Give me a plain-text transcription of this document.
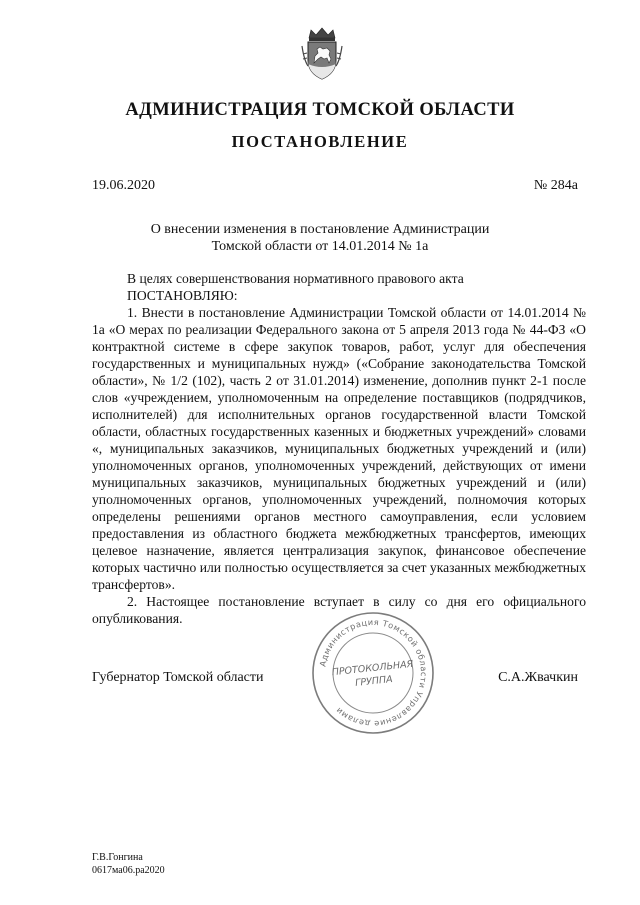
АДМИНИСТРАЦИЯ ТОМСКОЙ ОБЛАСТИ
ПОСТАНОВЛЕНИЕ
19.06.2020	№ 284а
О внесении изменения в постановление Администрации
Томской области от 14.01.2014 № 1а

В целях совершенствования нормативного правового акта

ПОСТАНОВЛЯЮ:

1. Внести в постановление Администрации Томской области от 14.01.2014 № 1а «О мерах по реализации Федерального закона от 5 апреля 2013 года № 44-ФЗ «О контрактной системе в сфере закупок товаров, работ, услуг для обеспечения государственных и муниципальных нужд» («Собрание законодательства Томской области», № 1/2 (102), часть 2 от 31.01.2014) изменение, дополнив пункт 2-1 после слов «учреждением, уполномоченным на определение поставщиков (подрядчиков, исполнителей) для исполнительных органов государственной власти Томской области, областных государственных казенных и бюджетных учреждений» словами «, муниципальных заказчиков, муниципальных бюджетных учреждений и (или) уполномоченных органов, уполномоченных учреждений, действующих от имени муниципальных заказчиков, муниципальных бюджетных учреждений и (или) уполномоченных органов, уполномоченных учреждений, полномочия которых определены решениями органов местного самоуправления, если условием предоставления из областного бюджета межбюджетных трансфертов, имеющих целевое назначение, является централизация закупок, финансовое обеспечение которых частично или полностью осуществляется за счет указанных межбюджетных трансфертов».

2. Настоящее постановление вступает в силу со дня его официального опубликования.

Администрация Томской области Управление делами
ПРОТОКОЛЬНАЯ
ГРУППА
Губернатор Томской области	С.А.Жвачкин
Г.В.Гонгина
0617ма06.ра2020
